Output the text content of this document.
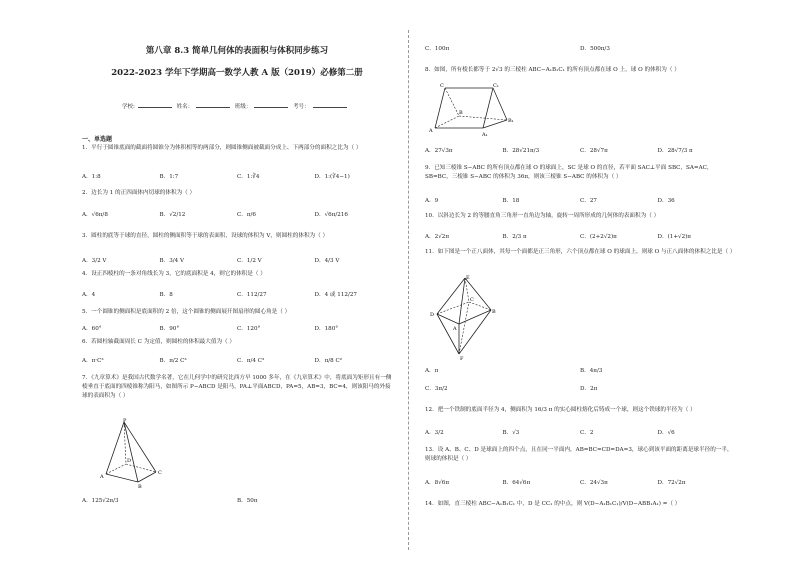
第八章 8.3 简单几何体的表面积与体积同步练习
2022-2023 学年下学期高一数学人教 A 版（2019）必修第二册
学校:	姓名：	班级：	考号：
一、单选题
1．平行于圆锥底面的截面将圆锥分为体积相等的两部分，则圆锥侧面被截面分成上、下两部分的面积之比为（ ）
A．1:8	B．1:7	C．1:∛4	D．1:(∛4−1)
2．边长为 1 的正四面体内切球的体积为（ ）
A．√6π/8	B．√2/12	C．π/6	D．√6π/216
3．圆柱的底等于球的直径，圆柱的侧面积等于球的表面积，设球的体积为 V，则圆柱的体积为（ ）
A．3/2 V	B．3/4 V	C．1/2 V	D．4/3 V
4．设正四棱柱的一条对角线长为 3，它的底面积是 4，则它的体积是（ ）
A．4	B．8	C．112/27	D．4 或 112/27
5．一个圆锥的侧面积是底面积的 2 倍，这个圆锥的侧面展开图扇形的圆心角是（ ）
A．60°	B．90°	C．120°	D．180°
6．若圆柱轴截面周长 C 为定值，则圆柱的体积最大值为（ ）
A．π·C³	B．π/2 C³	C．π/4 C³	D．π/8 C²
7．《九章算术》是我国古代数学名著，它在几何学中的研究比西方早 1000 多年，在《九章算术》中，将底面为矩形且有一侧棱垂直于底面的四棱锥称为阳马，如图所示 P−ABCD 是阳马，PA⊥平面ABCD，PA=5，AB=3，BC=4，则该阳马的外接球的表面积为（ ）
P
A
B
C
D
A．125√2π/3	B．50π
C．100π	D．500π/3
8．如图，所有棱长都等于 2√3 的三棱柱 ABC−A₁B₁C₁ 的所有顶点都在球 O 上，球 O 的体积为（ ）
C	C₁
A
B
A₁
B₁
A．27√3π	B．28√21π/3	C．28√7π	D．28√7/3 π
9．已知三棱锥 S−ABC 的所有顶点都在球 O 的球面上，SC 是球 O 的直径，若平面 SAC⊥平面 SBC，SA=AC，SB=BC，三棱锥 S−ABC 的体积为 36π，则该三棱锥 S−ABC 的体积为（ ）
A．9	B．18	C．27	D．36
10．以斜边长为 2 的等腰直角三角形一直角边为轴，旋转一周所形成的几何体的表面积为（ ）
A．2√2π	B．2/3 π	C．(2+2√2)π	D．(1+√2)π
11．如下图是一个正八面体，其每一个面都是正三角形，六个顶点都在球 O 的球面上，则球 O 与正八面体的体积之比是（ ）
E
D
A
B
C
F
A．π	B．4π/3
C．3π/2	D．2π
12．把一个铁制的底面半径为 4，侧面积为 16/3 π 的实心圆柱熔化后铸成一个球，则这个铁球的半径为（ ）
A．3/2	B．√3	C．2	D．√6
13．设 A、B、C、D 是球面上的四个点，且在同一平面内，AB=BC=CD=DA=3，球心到该平面的距离是球半径的一半，则球的体积是（ ）
A．8√6π	B．64√6π	C．24√3π	D．72√2π
14．如图，直三棱柱 ABC−A₁B₁C₁ 中，D 是 CC₁ 的中点，则 V(D−A₁B₁C₁)/V(D−ABB₁A₁) =（ ）
